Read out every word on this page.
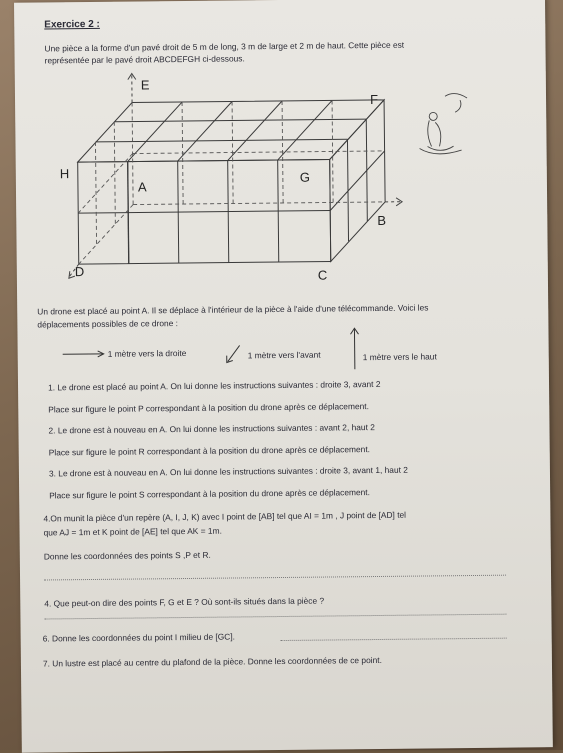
Exercice 2 :
Une pièce a la forme d'un pavé droit de 5 m de long, 3 m de large et 2 m de haut. Cette pièce est
représentée par le pavé droit ABCDEFGH ci-dessous.
E
F
H	G
A
B
D	C
Un drone est placé au point A. Il se déplace à l'intérieur de la pièce à l'aide d'une télécommande. Voici les
déplacements possibles de ce drone :
1 mètre vers la droite	1 mètre vers l'avant	1 mètre vers le haut
1. Le drone est placé au point A. On lui donne les instructions suivantes : droite 3, avant 2
Place sur figure le point P correspondant à la position du drone après ce déplacement.
2. Le drone est à nouveau en A. On lui donne les instructions suivantes : avant 2, haut 2
Place sur figure le point R correspondant à la position du drone après ce déplacement.
3. Le drone est à nouveau en A. On lui donne les instructions suivantes : droite 3, avant 1, haut 2
Place sur figure le point S correspondant à la position du drone après ce déplacement.
4.On munit la pièce d'un repère (A, I, J, K) avec I point de [AB] tel que AI = 1m , J point de [AD] tel
que AJ = 1m et K point de [AE] tel que AK = 1m.
Donne les coordonnées des points S ,P et R.
4. Que peut-on dire des points F, G et E ? Où sont-ils situés dans la pièce ?
6. Donne les coordonnées du point I milieu de [GC].
7. Un lustre est placé au centre du plafond de la pièce. Donne les coordonnées de ce point.
